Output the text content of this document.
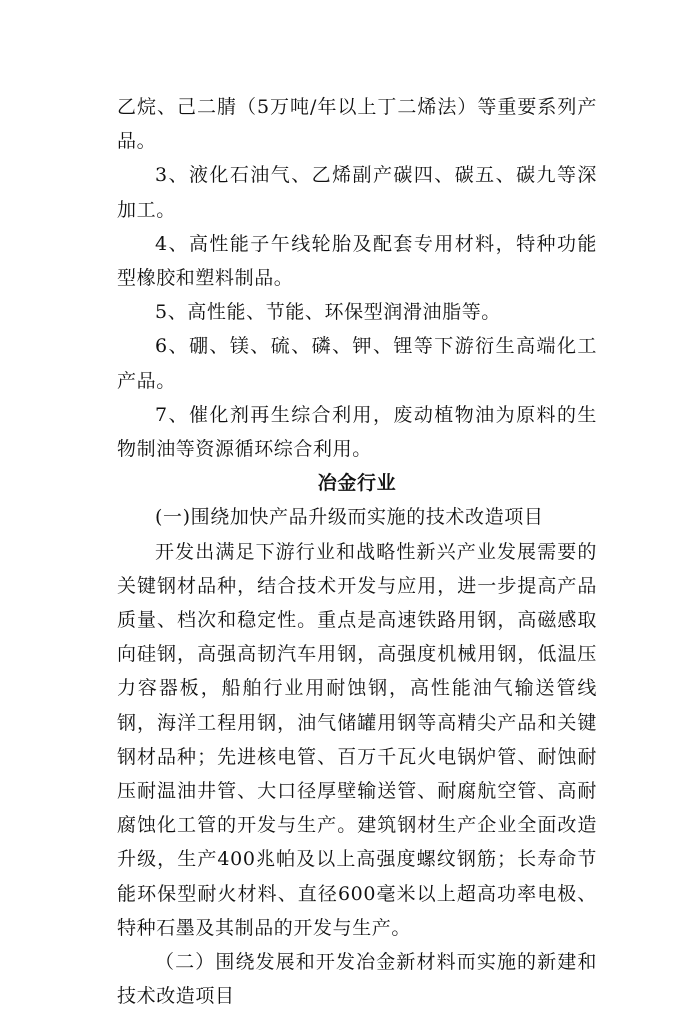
乙烷、己二腈（5万吨/年以上丁二烯法）等重要系列产品。

3、液化石油气、乙烯副产碳四、碳五、碳九等深加工。

4、高性能子午线轮胎及配套专用材料，特种功能型橡胶和塑料制品。

5、高性能、节能、环保型润滑油脂等。

6、硼、镁、硫、磷、钾、锂等下游衍生高端化工产品。

7、催化剂再生综合利用，废动植物油为原料的生物制油等资源循环综合利用。

冶金行业

(一)围绕加快产品升级而实施的技术改造项目

开发出满足下游行业和战略性新兴产业发展需要的关键钢材品种，结合技术开发与应用，进一步提高产品质量、档次和稳定性。重点是高速铁路用钢，高磁感取向硅钢，高强高韧汽车用钢，高强度机械用钢，低温压力容器板，船舶行业用耐蚀钢，高性能油气输送管线钢，海洋工程用钢，油气储罐用钢等高精尖产品和关键钢材品种；先进核电管、百万千瓦火电锅炉管、耐蚀耐压耐温油井管、大口径厚壁输送管、耐腐航空管、高耐腐蚀化工管的开发与生产。建筑钢材生产企业全面改造升级，生产400兆帕及以上高强度螺纹钢筋；长寿命节能环保型耐火材料、直径600毫米以上超高功率电极、特种石墨及其制品的开发与生产。

（二）围绕发展和开发冶金新材料而实施的新建和技术改造项目
